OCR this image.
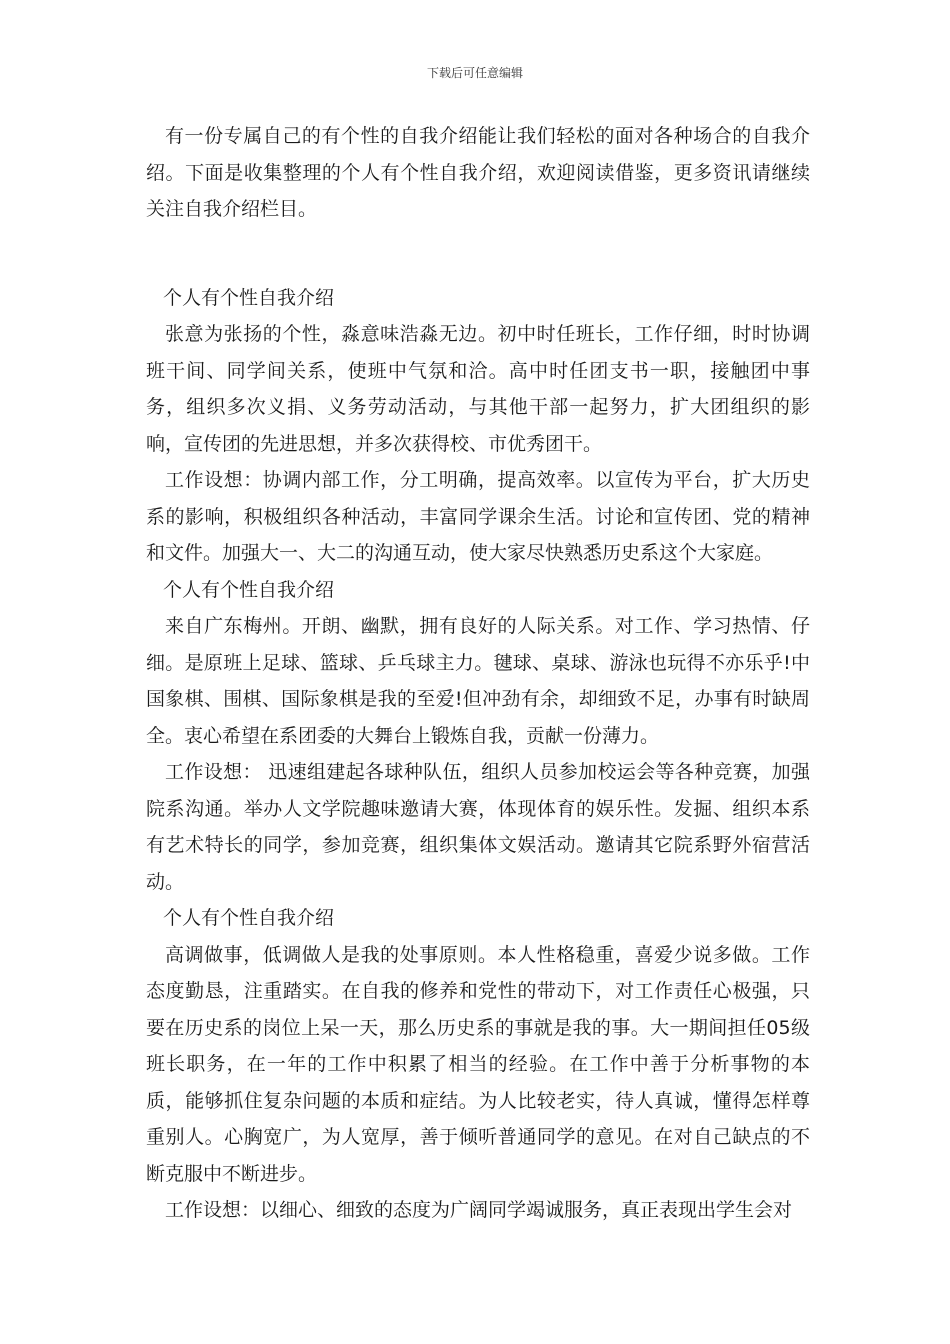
下载后可任意编辑

有一份专属自己的有个性的自我介绍能让我们轻松的面对各种场合的自我介绍。下面是收集整理的个人有个性自我介绍，欢迎阅读借鉴，更多资讯请继续关注自我介绍栏目。

个人有个性自我介绍

张意为张扬的个性，淼意味浩淼无边。初中时任班长，工作仔细，时时协调班干间、同学间关系，使班中气氛和洽。高中时任团支书一职，接触团中事务，组织多次义捐、义务劳动活动，与其他干部一起努力，扩大团组织的影响，宣传团的先进思想，并多次获得校、市优秀团干。

工作设想：协调内部工作，分工明确，提高效率。以宣传为平台，扩大历史系的影响，积极组织各种活动，丰富同学课余生活。讨论和宣传团、党的精神和文件。加强大一、大二的沟通互动，使大家尽快熟悉历史系这个大家庭。

个人有个性自我介绍

来自广东梅州。开朗、幽默，拥有良好的人际关系。对工作、学习热情、仔细。是原班上足球、篮球、乒乓球主力。毽球、桌球、游泳也玩得不亦乐乎!中国象棋、围棋、国际象棋是我的至爱!但冲劲有余，却细致不足，办事有时缺周全。衷心希望在系团委的大舞台上锻炼自我，贡献一份薄力。

工作设想： 迅速组建起各球种队伍，组织人员参加校运会等各种竞赛，加强院系沟通。举办人文学院趣味邀请大赛，体现体育的娱乐性。发掘、组织本系有艺术特长的同学，参加竞赛，组织集体文娱活动。邀请其它院系野外宿营活动。

个人有个性自我介绍

高调做事，低调做人是我的处事原则。本人性格稳重，喜爱少说多做。工作态度勤恳，注重踏实。在自我的修养和党性的带动下，对工作责任心极强，只要在历史系的岗位上呆一天，那么历史系的事就是我的事。大一期间担任05级班长职务，在一年的工作中积累了相当的经验。在工作中善于分析事物的本质，能够抓住复杂问题的本质和症结。为人比较老实，待人真诚，懂得怎样尊重别人。心胸宽广，为人宽厚，善于倾听普通同学的意见。在对自己缺点的不断克服中不断进步。

工作设想：以细心、细致的态度为广阔同学竭诚服务，真正表现出学生会对
